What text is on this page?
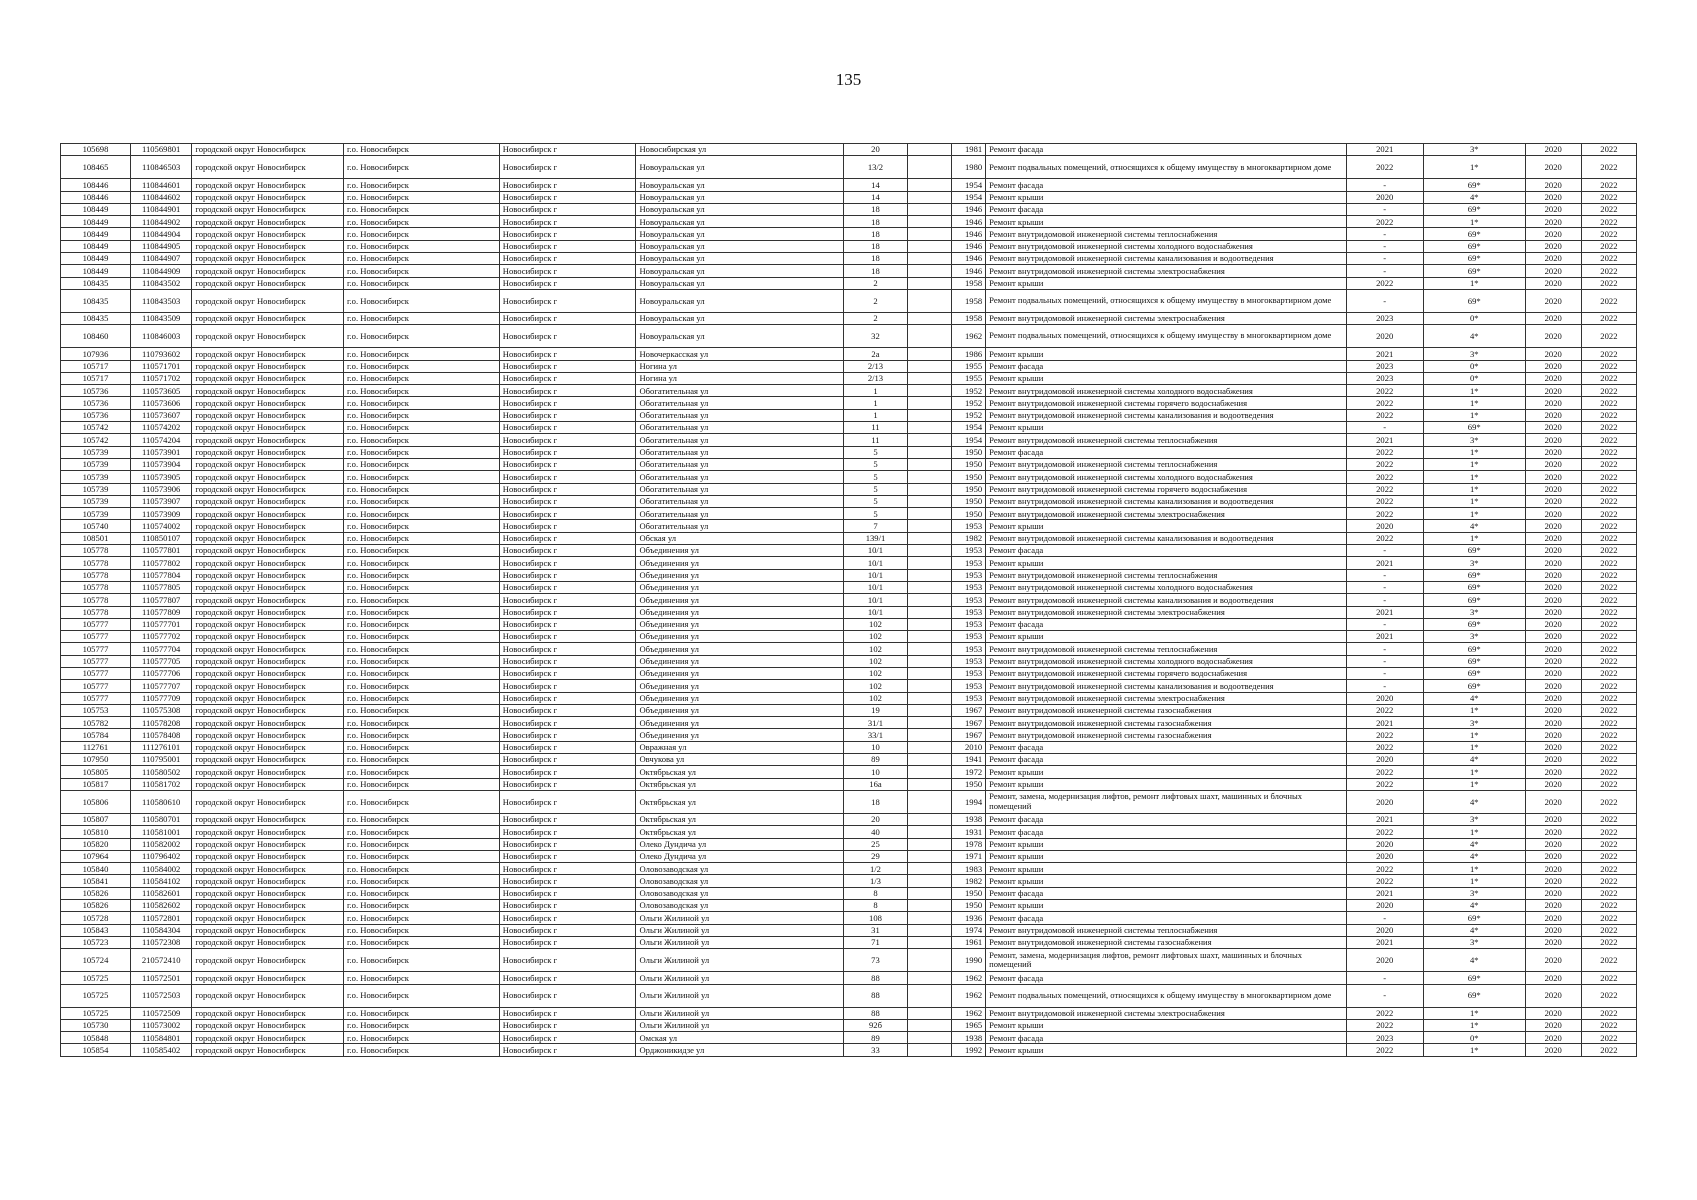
135
105698	110569801	городской округ Новосибирск	г.о. Новосибирск	Новосибирск г	Новосибирская ул	20		1981	Ремонт фасада	2021	3*	2020	2022
108465	110846503	городской округ Новосибирск	г.о. Новосибирск	Новосибирск г	Новоуральская ул	13/2		1980	Ремонт подвальных помещений, относящихся к общему имуществу в многоквартирном доме	2022	1*	2020	2022
108446	110844601	городской округ Новосибирск	г.о. Новосибирск	Новосибирск г	Новоуральская ул	14		1954	Ремонт фасада	-	69*	2020	2022
108446	110844602	городской округ Новосибирск	г.о. Новосибирск	Новосибирск г	Новоуральская ул	14		1954	Ремонт крыши	2020	4*	2020	2022
108449	110844901	городской округ Новосибирск	г.о. Новосибирск	Новосибирск г	Новоуральская ул	18		1946	Ремонт фасада	-	69*	2020	2022
108449	110844902	городской округ Новосибирск	г.о. Новосибирск	Новосибирск г	Новоуральская ул	18		1946	Ремонт крыши	2022	1*	2020	2022
108449	110844904	городской округ Новосибирск	г.о. Новосибирск	Новосибирск г	Новоуральская ул	18		1946	Ремонт внутридомовой инженерной системы теплоснабжения	-	69*	2020	2022
108449	110844905	городской округ Новосибирск	г.о. Новосибирск	Новосибирск г	Новоуральская ул	18		1946	Ремонт внутридомовой инженерной системы холодного водоснабжения	-	69*	2020	2022
108449	110844907	городской округ Новосибирск	г.о. Новосибирск	Новосибирск г	Новоуральская ул	18		1946	Ремонт внутридомовой инженерной системы канализования и водоотведения	-	69*	2020	2022
108449	110844909	городской округ Новосибирск	г.о. Новосибирск	Новосибирск г	Новоуральская ул	18		1946	Ремонт внутридомовой инженерной системы электроснабжения	-	69*	2020	2022
108435	110843502	городской округ Новосибирск	г.о. Новосибирск	Новосибирск г	Новоуральская ул	2		1958	Ремонт крыши	2022	1*	2020	2022
108435	110843503	городской округ Новосибирск	г.о. Новосибирск	Новосибирск г	Новоуральская ул	2		1958	Ремонт подвальных помещений, относящихся к общему имуществу в многоквартирном доме	-	69*	2020	2022
108435	110843509	городской округ Новосибирск	г.о. Новосибирск	Новосибирск г	Новоуральская ул	2		1958	Ремонт внутридомовой инженерной системы электроснабжения	2023	0*	2020	2022
108460	110846003	городской округ Новосибирск	г.о. Новосибирск	Новосибирск г	Новоуральская ул	32		1962	Ремонт подвальных помещений, относящихся к общему имуществу в многоквартирном доме	2020	4*	2020	2022
107936	110793602	городской округ Новосибирск	г.о. Новосибирск	Новосибирск г	Новочеркасская ул	2а		1986	Ремонт крыши	2021	3*	2020	2022
105717	110571701	городской округ Новосибирск	г.о. Новосибирск	Новосибирск г	Ногина ул	2/13		1955	Ремонт фасада	2023	0*	2020	2022
105717	110571702	городской округ Новосибирск	г.о. Новосибирск	Новосибирск г	Ногина ул	2/13		1955	Ремонт крыши	2023	0*	2020	2022
105736	110573605	городской округ Новосибирск	г.о. Новосибирск	Новосибирск г	Обогатительная ул	1		1952	Ремонт внутридомовой инженерной системы холодного водоснабжения	2022	1*	2020	2022
105736	110573606	городской округ Новосибирск	г.о. Новосибирск	Новосибирск г	Обогатительная ул	1		1952	Ремонт внутридомовой инженерной системы горячего водоснабжения	2022	1*	2020	2022
105736	110573607	городской округ Новосибирск	г.о. Новосибирск	Новосибирск г	Обогатительная ул	1		1952	Ремонт внутридомовой инженерной системы канализования и водоотведения	2022	1*	2020	2022
105742	110574202	городской округ Новосибирск	г.о. Новосибирск	Новосибирск г	Обогатительная ул	11		1954	Ремонт крыши	-	69*	2020	2022
105742	110574204	городской округ Новосибирск	г.о. Новосибирск	Новосибирск г	Обогатительная ул	11		1954	Ремонт внутридомовой инженерной системы теплоснабжения	2021	3*	2020	2022
105739	110573901	городской округ Новосибирск	г.о. Новосибирск	Новосибирск г	Обогатительная ул	5		1950	Ремонт фасада	2022	1*	2020	2022
105739	110573904	городской округ Новосибирск	г.о. Новосибирск	Новосибирск г	Обогатительная ул	5		1950	Ремонт внутридомовой инженерной системы теплоснабжения	2022	1*	2020	2022
105739	110573905	городской округ Новосибирск	г.о. Новосибирск	Новосибирск г	Обогатительная ул	5		1950	Ремонт внутридомовой инженерной системы холодного водоснабжения	2022	1*	2020	2022
105739	110573906	городской округ Новосибирск	г.о. Новосибирск	Новосибирск г	Обогатительная ул	5		1950	Ремонт внутридомовой инженерной системы горячего водоснабжения	2022	1*	2020	2022
105739	110573907	городской округ Новосибирск	г.о. Новосибирск	Новосибирск г	Обогатительная ул	5		1950	Ремонт внутридомовой инженерной системы канализования и водоотведения	2022	1*	2020	2022
105739	110573909	городской округ Новосибирск	г.о. Новосибирск	Новосибирск г	Обогатительная ул	5		1950	Ремонт внутридомовой инженерной системы электроснабжения	2022	1*	2020	2022
105740	110574002	городской округ Новосибирск	г.о. Новосибирск	Новосибирск г	Обогатительная ул	7		1953	Ремонт крыши	2020	4*	2020	2022
108501	110850107	городской округ Новосибирск	г.о. Новосибирск	Новосибирск г	Обская ул	139/1		1982	Ремонт внутридомовой инженерной системы канализования и водоотведения	2022	1*	2020	2022
105778	110577801	городской округ Новосибирск	г.о. Новосибирск	Новосибирск г	Объединения ул	10/1		1953	Ремонт фасада	-	69*	2020	2022
105778	110577802	городской округ Новосибирск	г.о. Новосибирск	Новосибирск г	Объединения ул	10/1		1953	Ремонт крыши	2021	3*	2020	2022
105778	110577804	городской округ Новосибирск	г.о. Новосибирск	Новосибирск г	Объединения ул	10/1		1953	Ремонт внутридомовой инженерной системы теплоснабжения	-	69*	2020	2022
105778	110577805	городской округ Новосибирск	г.о. Новосибирск	Новосибирск г	Объединения ул	10/1		1953	Ремонт внутридомовой инженерной системы холодного водоснабжения	-	69*	2020	2022
105778	110577807	городской округ Новосибирск	г.о. Новосибирск	Новосибирск г	Объединения ул	10/1		1953	Ремонт внутридомовой инженерной системы канализования и водоотведения	-	69*	2020	2022
105778	110577809	городской округ Новосибирск	г.о. Новосибирск	Новосибирск г	Объединения ул	10/1		1953	Ремонт внутридомовой инженерной системы электроснабжения	2021	3*	2020	2022
105777	110577701	городской округ Новосибирск	г.о. Новосибирск	Новосибирск г	Объединения ул	102		1953	Ремонт фасада	-	69*	2020	2022
105777	110577702	городской округ Новосибирск	г.о. Новосибирск	Новосибирск г	Объединения ул	102		1953	Ремонт крыши	2021	3*	2020	2022
105777	110577704	городской округ Новосибирск	г.о. Новосибирск	Новосибирск г	Объединения ул	102		1953	Ремонт внутридомовой инженерной системы теплоснабжения	-	69*	2020	2022
105777	110577705	городской округ Новосибирск	г.о. Новосибирск	Новосибирск г	Объединения ул	102		1953	Ремонт внутридомовой инженерной системы холодного водоснабжения	-	69*	2020	2022
105777	110577706	городской округ Новосибирск	г.о. Новосибирск	Новосибирск г	Объединения ул	102		1953	Ремонт внутридомовой инженерной системы горячего водоснабжения	-	69*	2020	2022
105777	110577707	городской округ Новосибирск	г.о. Новосибирск	Новосибирск г	Объединения ул	102		1953	Ремонт внутридомовой инженерной системы канализования и водоотведения	-	69*	2020	2022
105777	110577709	городской округ Новосибирск	г.о. Новосибирск	Новосибирск г	Объединения ул	102		1953	Ремонт внутридомовой инженерной системы электроснабжения	2020	4*	2020	2022
105753	110575308	городской округ Новосибирск	г.о. Новосибирск	Новосибирск г	Объединения ул	19		1967	Ремонт внутридомовой инженерной системы газоснабжения	2022	1*	2020	2022
105782	110578208	городской округ Новосибирск	г.о. Новосибирск	Новосибирск г	Объединения ул	31/1		1967	Ремонт внутридомовой инженерной системы газоснабжения	2021	3*	2020	2022
105784	110578408	городской округ Новосибирск	г.о. Новосибирск	Новосибирск г	Объединения ул	33/1		1967	Ремонт внутридомовой инженерной системы газоснабжения	2022	1*	2020	2022
112761	111276101	городской округ Новосибирск	г.о. Новосибирск	Новосибирск г	Овражная ул	10		2010	Ремонт фасада	2022	1*	2020	2022
107950	110795001	городской округ Новосибирск	г.о. Новосибирск	Новосибирск г	Овчукова ул	89		1941	Ремонт фасада	2020	4*	2020	2022
105805	110580502	городской округ Новосибирск	г.о. Новосибирск	Новосибирск г	Октябрьская ул	10		1972	Ремонт крыши	2022	1*	2020	2022
105817	110581702	городской округ Новосибирск	г.о. Новосибирск	Новосибирск г	Октябрьская ул	16а		1950	Ремонт крыши	2022	1*	2020	2022
105806	110580610	городской округ Новосибирск	г.о. Новосибирск	Новосибирск г	Октябрьская ул	18		1994	Ремонт, замена, модернизация лифтов, ремонт лифтовых шахт, машинных и блочных помещений	2020	4*	2020	2022
105807	110580701	городской округ Новосибирск	г.о. Новосибирск	Новосибирск г	Октябрьская ул	20		1938	Ремонт фасада	2021	3*	2020	2022
105810	110581001	городской округ Новосибирск	г.о. Новосибирск	Новосибирск г	Октябрьская ул	40		1931	Ремонт фасада	2022	1*	2020	2022
105820	110582002	городской округ Новосибирск	г.о. Новосибирск	Новосибирск г	Олеко Дундича ул	25		1978	Ремонт крыши	2020	4*	2020	2022
107964	110796402	городской округ Новосибирск	г.о. Новосибирск	Новосибирск г	Олеко Дундича ул	29		1971	Ремонт крыши	2020	4*	2020	2022
105840	110584002	городской округ Новосибирск	г.о. Новосибирск	Новосибирск г	Оловозаводская ул	1/2		1983	Ремонт крыши	2022	1*	2020	2022
105841	110584102	городской округ Новосибирск	г.о. Новосибирск	Новосибирск г	Оловозаводская ул	1/3		1982	Ремонт крыши	2022	1*	2020	2022
105826	110582601	городской округ Новосибирск	г.о. Новосибирск	Новосибирск г	Оловозаводская ул	8		1950	Ремонт фасада	2021	3*	2020	2022
105826	110582602	городской округ Новосибирск	г.о. Новосибирск	Новосибирск г	Оловозаводская ул	8		1950	Ремонт крыши	2020	4*	2020	2022
105728	110572801	городской округ Новосибирск	г.о. Новосибирск	Новосибирск г	Ольги Жилиной ул	108		1936	Ремонт фасада	-	69*	2020	2022
105843	110584304	городской округ Новосибирск	г.о. Новосибирск	Новосибирск г	Ольги Жилиной ул	31		1974	Ремонт внутридомовой инженерной системы теплоснабжения	2020	4*	2020	2022
105723	110572308	городской округ Новосибирск	г.о. Новосибирск	Новосибирск г	Ольги Жилиной ул	71		1961	Ремонт внутридомовой инженерной системы газоснабжения	2021	3*	2020	2022
105724	210572410	городской округ Новосибирск	г.о. Новосибирск	Новосибирск г	Ольги Жилиной ул	73		1990	Ремонт, замена, модернизация лифтов, ремонт лифтовых шахт, машинных и блочных помещений	2020	4*	2020	2022
105725	110572501	городской округ Новосибирск	г.о. Новосибирск	Новосибирск г	Ольги Жилиной ул	88		1962	Ремонт фасада	-	69*	2020	2022
105725	110572503	городской округ Новосибирск	г.о. Новосибирск	Новосибирск г	Ольги Жилиной ул	88		1962	Ремонт подвальных помещений, относящихся к общему имуществу в многоквартирном доме	-	69*	2020	2022
105725	110572509	городской округ Новосибирск	г.о. Новосибирск	Новосибирск г	Ольги Жилиной ул	88		1962	Ремонт внутридомовой инженерной системы электроснабжения	2022	1*	2020	2022
105730	110573002	городской округ Новосибирск	г.о. Новосибирск	Новосибирск г	Ольги Жилиной ул	92б		1965	Ремонт крыши	2022	1*	2020	2022
105848	110584801	городской округ Новосибирск	г.о. Новосибирск	Новосибирск г	Омская ул	89		1938	Ремонт фасада	2023	0*	2020	2022
105854	110585402	городской округ Новосибирск	г.о. Новосибирск	Новосибирск г	Орджоникидзе ул	33		1992	Ремонт крыши	2022	1*	2020	2022
